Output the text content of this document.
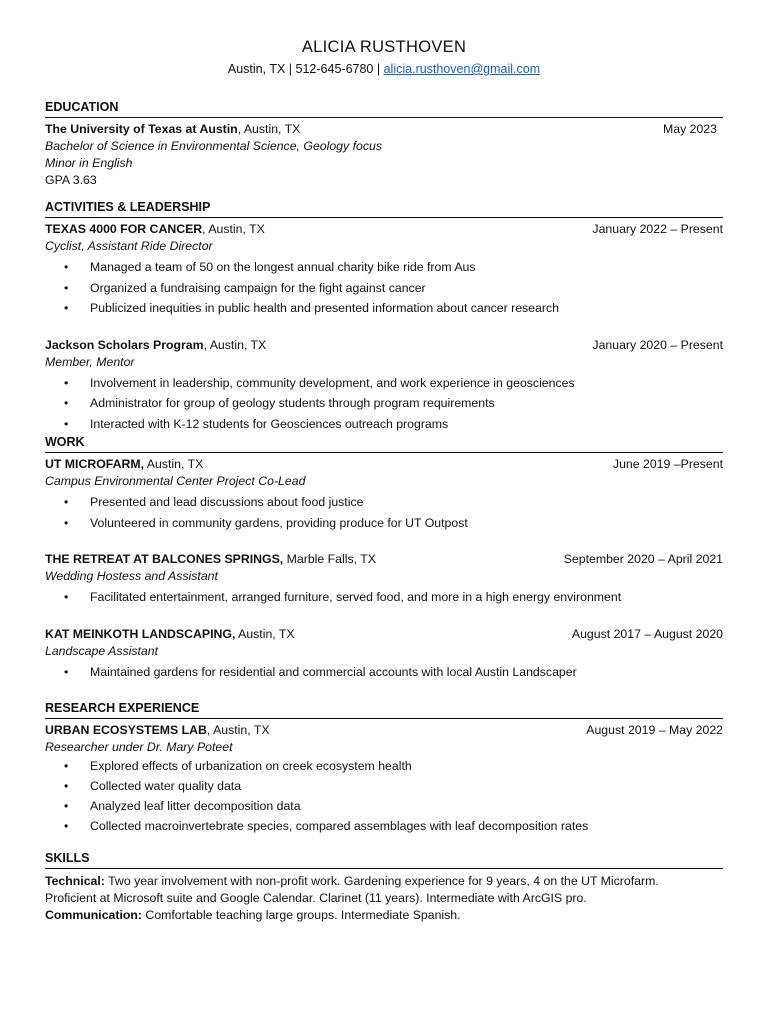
ALICIA RUSTHOVEN
Austin, TX | 512-645-6780 | alicia.rusthoven@gmail.com
EDUCATION
The University of Texas at Austin, Austin, TX	May 2023
Bachelor of Science in Environmental Science, Geology focus
Minor in English
GPA 3.63
ACTIVITIES & LEADERSHIP
TEXAS 4000 FOR CANCER, Austin, TX	January 2022 – Present
Cyclist, Assistant Ride Director
• Managed a team of 50 on the longest annual charity bike ride from Aus
• Organized a fundraising campaign for the fight against cancer
• Publicized inequities in public health and presented information about cancer research
Jackson Scholars Program, Austin, TX	January 2020 – Present
Member, Mentor
• Involvement in leadership, community development, and work experience in geosciences
• Administrator for group of geology students through program requirements
• Interacted with K-12 students for Geosciences outreach programs
WORK
UT MICROFARM, Austin, TX	June 2019 –Present
Campus Environmental Center Project Co-Lead
• Presented and lead discussions about food justice
• Volunteered in community gardens, providing produce for UT Outpost
THE RETREAT AT BALCONES SPRINGS, Marble Falls, TX	September 2020 – April 2021
Wedding Hostess and Assistant
• Facilitated entertainment, arranged furniture, served food, and more in a high energy environment
KAT MEINKOTH LANDSCAPING, Austin, TX	August 2017 – August 2020
Landscape Assistant
• Maintained gardens for residential and commercial accounts with local Austin Landscaper
RESEARCH EXPERIENCE
URBAN ECOSYSTEMS LAB, Austin, TX	August 2019 – May 2022
Researcher under Dr. Mary Poteet
• Explored effects of urbanization on creek ecosystem health
• Collected water quality data
• Analyzed leaf litter decomposition data
• Collected macroinvertebrate species, compared assemblages with leaf decomposition rates
SKILLS

Technical: Two year involvement with non-profit work. Gardening experience for 9 years, 4 on the UT Microfarm.

Proficient at Microsoft suite and Google Calendar. Clarinet (11 years). Intermediate with ArcGIS pro.

Communication: Comfortable teaching large groups. Intermediate Spanish.
